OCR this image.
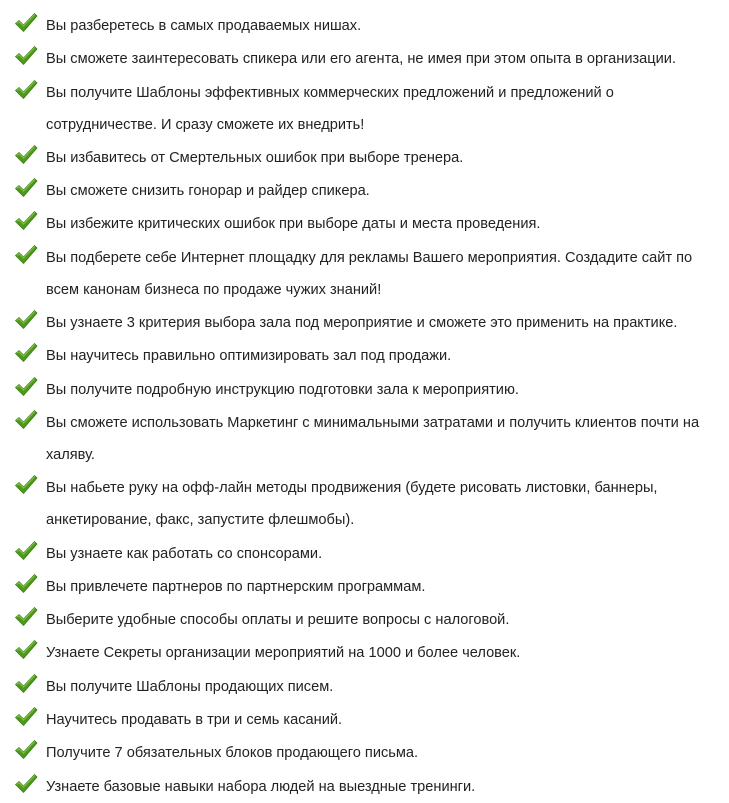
Вы разберетесь в самых продаваемых нишах.
Вы сможете заинтересовать спикера или его агента, не имея при этом опыта в организации.
Вы получите Шаблоны эффективных коммерческих предложений и предложений о сотрудничестве. И сразу сможете их внедрить!
Вы избавитесь от Смертельных ошибок при выборе тренера.
Вы сможете снизить гонорар и райдер спикера.
Вы избежите критических ошибок при выборе даты и места проведения.
Вы подберете себе Интернет площадку для рекламы Вашего мероприятия. Создадите сайт по всем канонам бизнеса по продаже чужих знаний!
Вы узнаете 3 критерия выбора зала под мероприятие и сможете это применить на практике.
Вы научитесь правильно оптимизировать зал под продажи.
Вы получите подробную инструкцию подготовки зала к мероприятию.
Вы сможете использовать Маркетинг с минимальными затратами и получить клиентов почти на халяву.
Вы набьете руку на офф-лайн методы продвижения (будете рисовать листовки, баннеры, анкетирование, факс, запустите флешмобы).
Вы узнаете как работать со спонсорами.
Вы привлечете партнеров по партнерским программам.
Выберите удобные способы оплаты и решите вопросы с налоговой.
Узнаете Секреты организации мероприятий на 1000 и более человек.
Вы получите Шаблоны продающих писем.
Научитесь продавать в три и семь касаний.
Получите 7 обязательных блоков продающего письма.
Узнаете базовые навыки набора людей на выездные тренинги.
